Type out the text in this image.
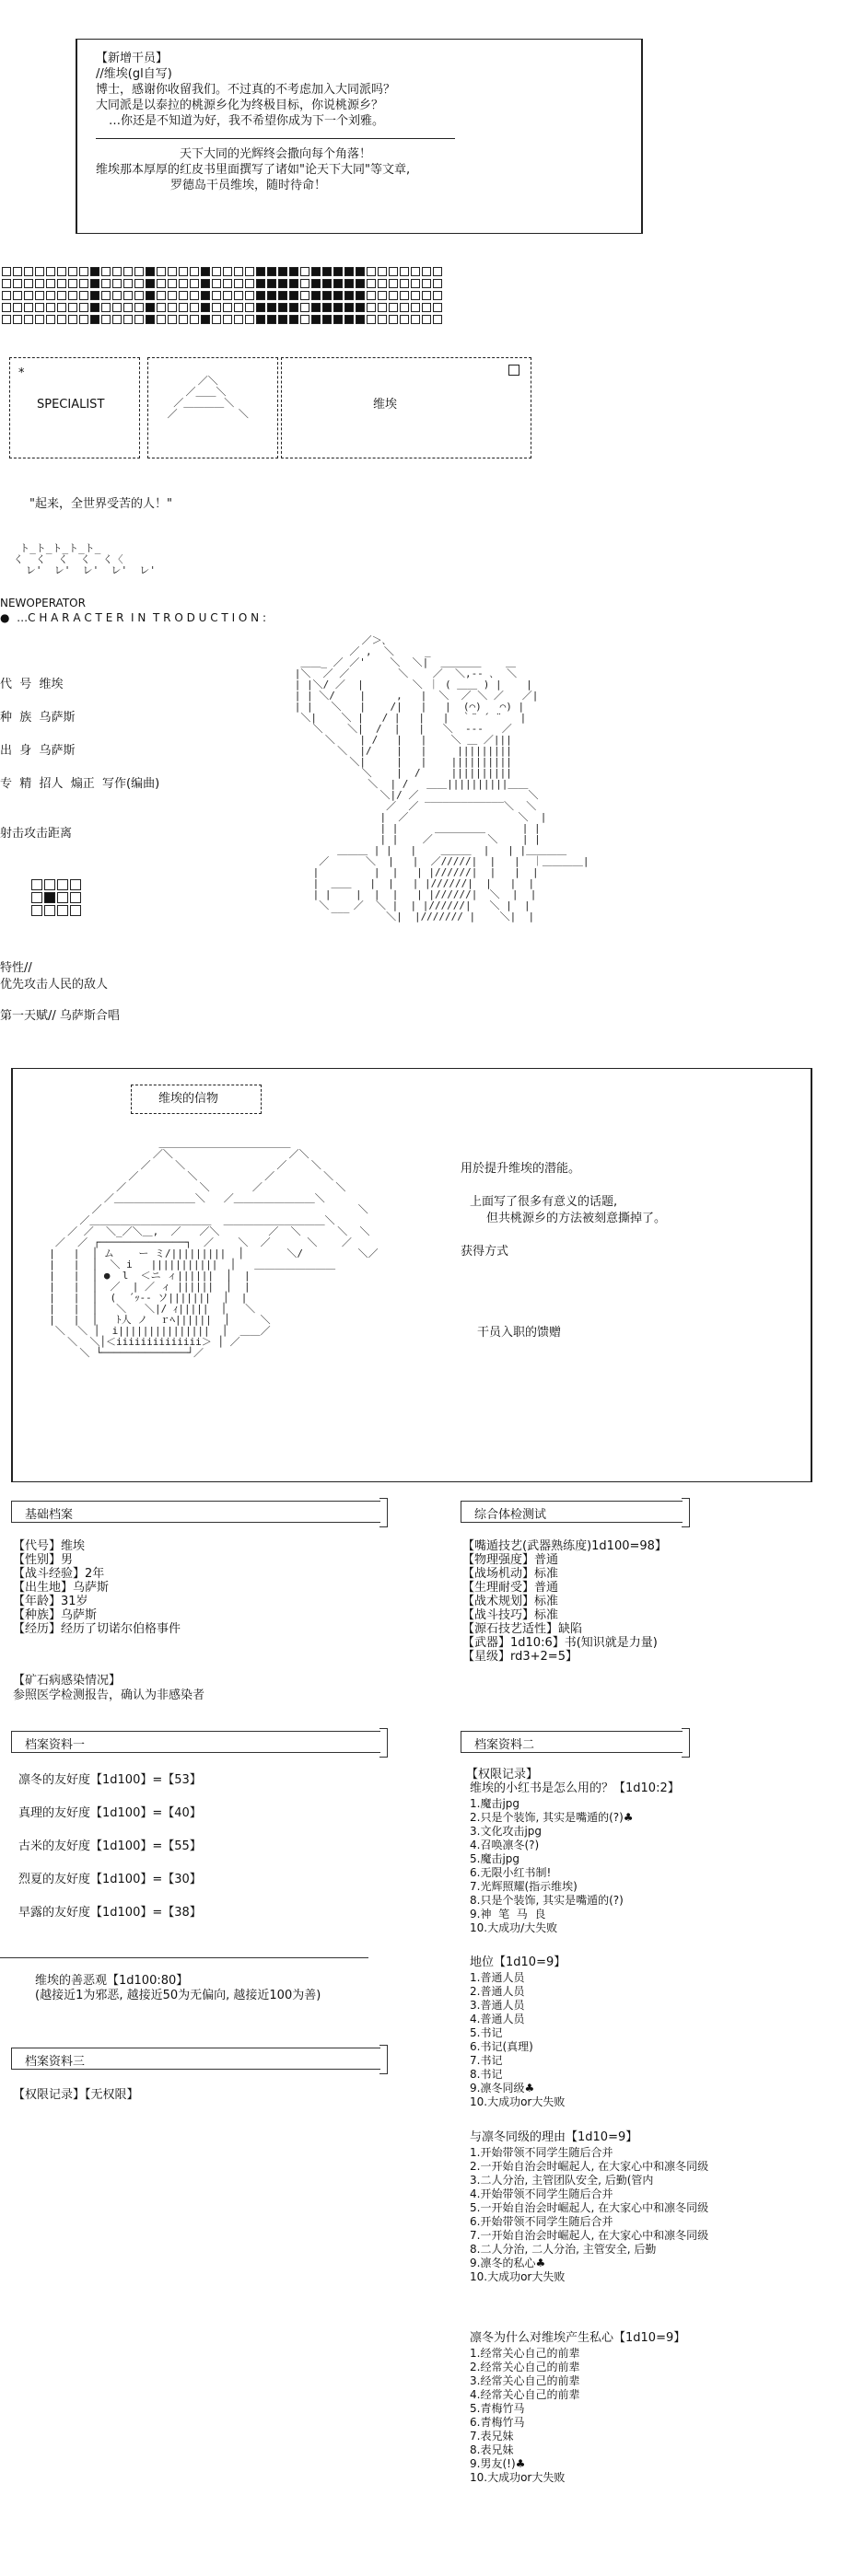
【新增干员】
//维埃(gl自写)
博士，感谢你收留我们。不过真的不考虑加入大同派吗？
大同派是以泰拉的桃源乡化为终极目标，你说桃源乡？
…你还是不知道为好，我不希望你成为下一个刘雅。
天下大同的光辉终会撒向每个角落！
维埃那本厚厚的红皮书里面撰写了诸如"论天下大同"等文章,
罗德岛干员维埃，随时待命！
*
SPECIALIST
／＼
／＿＿＼
／＿＿＿＿＼
／          ＼
维埃
"起来，全世界受苦的人！"
ト_ト_ト_ト_ト_
く  く  く  く  く〈
レ'  レ'  レ'  レ'  レ'
NEWOPERATOR
● …C H A R A C T E R  I N  T R O D U C T I O N :
代  号  维埃
种  族  乌萨斯
出  身  乌萨斯
专  精  招人  煽正  写作(编曲)
射击攻击距离
特性//
优先攻击人民的敌人
第一天赋// 乌萨斯合唱
／＞､
／ ,  ＼     _
＿＿_ ／ ／'    ＼  ＼|  ＿＿＿＿    ＿
|＼  ／ ／        ＼    ／  ＼,-‐ ､  ＼
| |＼/ ／  |        ＼ ｜ ( ＿＿ ) |    |
| | ＼/    |     ,   |  ＼  ／ ＼ ／   ／|
| |   ＼   |    /|   |   |  (⌒)   ⌒) |
＼|    ＼ |   / |   |   |  ｀¨ ´ ¨   |
＼    ＼|  /  |   |   ＼  ‐‐‐   ／
＼    | /   |   |    ＼ ＿ ／|||
＼  |/    |   |     |||||||||
＼|     |   |    ||||||||||
＼    |  /     ||||||||||
＼  | /   ＿＿||||||||||＿＿
＼|/ ／                  ＼
／  ／ ‾‾‾‾‾‾‾‾‾‾‾‾‾＼  ＼
|  ／                  ＼  |
| |      ＿＿＿＿＿      | |
| |    ／         ＼    | |
＿＿＿ | |   |    ＿＿＿  |   | |＿＿＿＿
／      ＼  |   |  ／/////|  |   |  ｜＿＿＿＿|
|         |  |   | |//////|  |   |  |
|  ＿＿   |  |   | |//////|  |   |  |
| |    |  |  |   | |//////|  ＼  |  |
＼    ／  ＼ |  | |//////|   ＼ |  |
‾‾‾      ＼|  |/////// |    ＼|  |
维埃的信物
＿＿＿＿＿＿＿＿＿＿＿＿＿
／＼                   ／＼
／    ＼               ／    ＼
／        ＼           ／        ＼
／            ＼       ／            ＼
／＿＿＿＿＿＿＿＿＼   ／＿＿＿＿＿＿＿＿＼
／                                          ＼
／＿＿＿＿＿＿＿＿＿＿＿＿  ＿＿＿＿＿＿＿＿＿＿＼
／ ／  ＼_／＼＿,  ／   ／＼        ／  ＼      ＼  ＼
／  ／ ┌──────────────┐  ／    ＼  ／      ＼    ／
|   |  │ ム    ー ミ/|||||||||  │       ＼/         ＼／
|   |  │  ＼ i   |||||||||||  │   ＿＿＿＿＿＿＿＿
|   |  │ ●  l  ＜ニ ィ||||||  │  |
|   |  │  ／  | ／ ィ ||||||  │  |
|   |  │  (  ´ｯ-‐ ソ|||||||  │  |
|   |  │   ＼   ＼|/ ｨ|||||  │   ＼
|   |  │   ﾄ人 ノ  ｒﾍ||||||  │     ＼
＼  ＼ │  i|||||||||||||||  │  ＿＿／
＼  ＼│＜iiiiiiiiiiiiii＞ │ ／
＼ └──────────────┘／
用於提升维埃的潜能。
上面写了很多有意义的话题,
但共桃源乡的方法被刻意撕掉了。
获得方式
干员入职的馈赠
基础档案
【代号】维埃
【性别】男
【战斗经验】2年
【出生地】乌萨斯
【年龄】31岁
【种族】乌萨斯
【经历】经历了切诺尔伯格事件
【矿石病感染情况】
参照医学检测报告，确认为非感染者
综合体检测试
【嘴遁技艺(武器熟练度)1d100=98】
【物理强度】普通
【战场机动】标准
【生理耐受】普通
【战术规划】标准
【战斗技巧】标准
【源石技艺适性】缺陷
【武器】1d10:6】书(知识就是力量)
【星级】rd3+2=5】
档案资料一
凛冬的友好度【1d100】=【53】
真理的友好度【1d100】=【40】
古米的友好度【1d100】=【55】
烈夏的友好度【1d100】=【30】
早露的友好度【1d100】=【38】
维埃的善恶观【1d100:80】
(越接近1为邪恶, 越接近50为无偏向, 越接近100为善)
档案资料三
【权限记录】【无权限】
档案资料二
【权限记录】
维埃的小红书是怎么用的？【1d10:2】
1.魔击jpg
2.只是个装饰, 其实是嘴遁的(?)♣
3.文化攻击jpg
4.召唤凛冬(?)
5.魔击jpg
6.无限小红书制!
7.光辉照耀(指示维埃)
8.只是个装饰, 其实是嘴遁的(?)
9.神  笔  马  良
10.大成功/大失败
地位【1d10=9】
1.普通人员
2.普通人员
3.普通人员
4.普通人员
5.书记
6.书记(真理)
7.书记
8.书记
9.凛冬同级♣
10.大成功or大失败
与凛冬同级的理由【1d10=9】
1.开始带领不同学生随后合并
2.一开始自治会时崛起人, 在大家心中和凛冬同级
3.二人分治, 主管团队安全, 后勤(管内
4.开始带领不同学生随后合并
5.一开始自治会时崛起人, 在大家心中和凛冬同级
6.开始带领不同学生随后合并
7.一开始自治会时崛起人, 在大家心中和凛冬同级
8.二人分治, 二人分治, 主管安全, 后勤
9.凛冬的私心♣
10.大成功or大失败
凛冬为什么对维埃产生私心【1d10=9】
1.经常关心自己的前辈
2.经常关心自己的前辈
3.经常关心自己的前辈
4.经常关心自己的前辈
5.青梅竹马
6.青梅竹马
7.表兄妹
8.表兄妹
9.男友(!)♣
10.大成功or大失败
